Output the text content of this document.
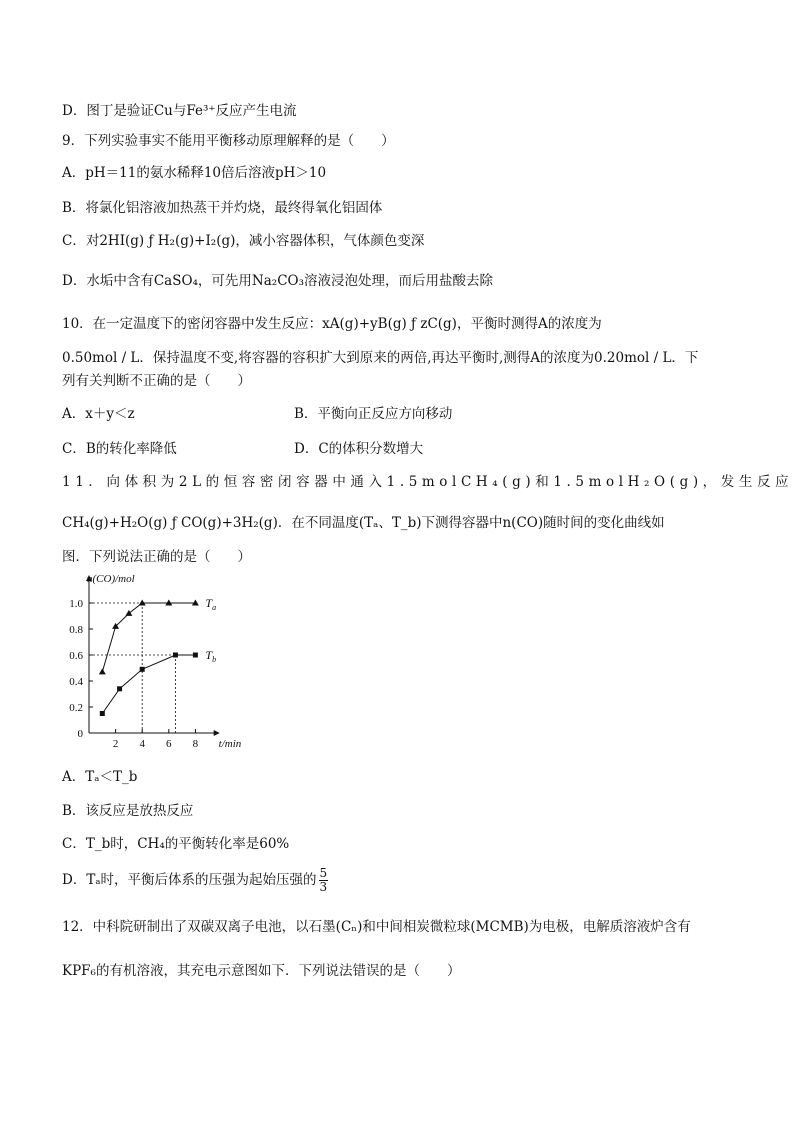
D．图丁是验证Cu与Fe³⁺反应产生电流
9．下列实验事实不能用平衡移动原理解释的是（　　）
A．pH＝11的氨水稀释10倍后溶液pH＞10
B．将氯化铝溶液加热蒸干并灼烧，最终得氧化铝固体
C．对2HI(g) ƒ H₂(g)+I₂(g)，减小容器体积，气体颜色变深
D．水垢中含有CaSO₄，可先用Na₂CO₃溶液浸泡处理，而后用盐酸去除
10．在一定温度下的密闭容器中发生反应：xA(g)+yB(g) ƒ zC(g)，平衡时测得A的浓度为
0.50mol / L．保持温度不变,将容器的容积扩大到原来的两倍,再达平衡时,测得A的浓度为0.20mol / L．下
列有关判断不正确的是（　　）
A．x＋y＜z	B．平衡向正反应方向移动
C．B的转化率降低	D．C的体积分数增大
11．向体积为2L的恒容密闭容器中通入1.5molCH₄(g)和1.5molH₂O(g)，发生反应
CH₄(g)+H₂O(g) ƒ CO(g)+3H₂(g)．在不同温度(Tₐ、T_b)下测得容器中n(CO)随时间的变化曲线如
图．下列说法正确的是（　　）
0
0.2
0.4
0.6
0.8
1.0
2 4 6 8
n(CO)/mol
t/min
$T_a$
$T_b$
A．Tₐ＜T_b
B．该反应是放热反应
C．T_b时，CH₄的平衡转化率是60%
D．Tₐ时，平衡后体系的压强为起始压强的 $\frac{5}{3}$
12．中科院研制出了双碳双离子电池，以石墨(Cₙ)和中间相炭微粒球(MCMB)为电极，电解质溶液炉含有
KPF₆的有机溶液，其充电示意图如下．下列说法错误的是（　　）
